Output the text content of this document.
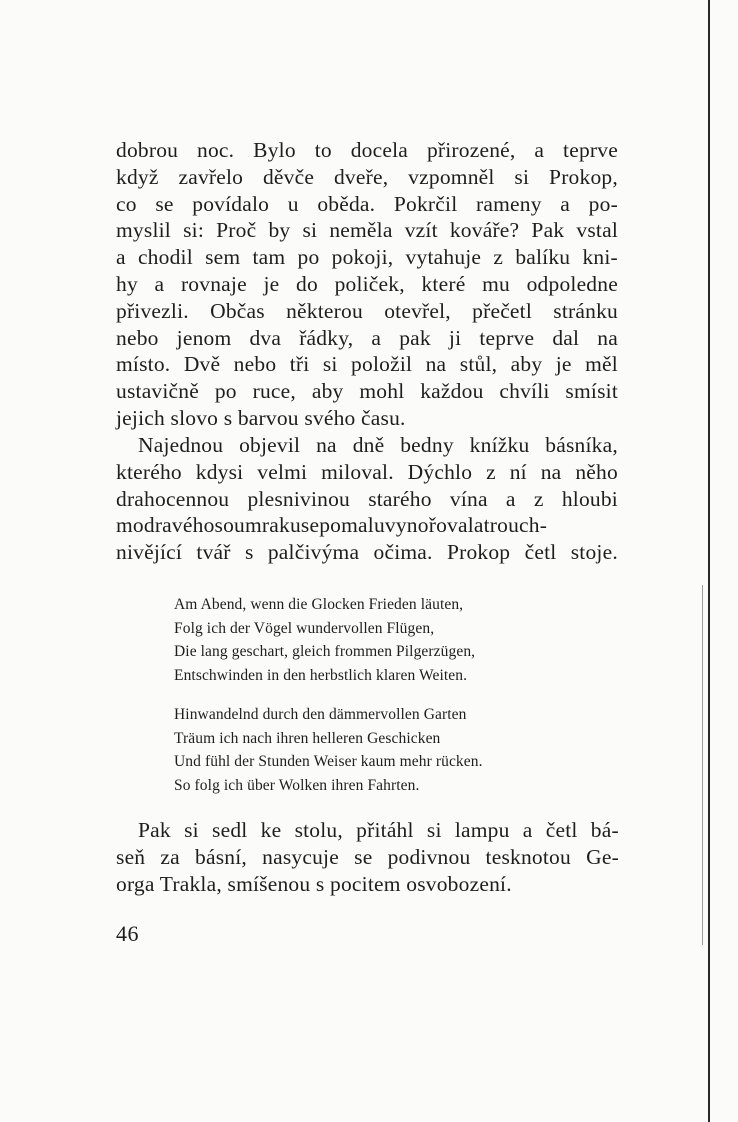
dobrou noc. Bylo to docela přirozené, a teprve
když zavřelo děvče dveře, vzpomněl si Prokop,
co se povídalo u oběda. Pokrčil rameny a po-
myslil si: Proč by si neměla vzít kováře? Pak vstal
a chodil sem tam po pokoji, vytahuje z balíku kni-
hy a rovnaje je do poliček, které mu odpoledne
přivezli. Občas některou otevřel, přečetl stránku
nebo jenom dva řádky, a pak ji teprve dal na
místo. Dvě nebo tři si položil na stůl, aby je měl
ustavičně po ruce, aby mohl každou chvíli smísit
jejich slovo s barvou svého času.
Najednou objevil na dně bedny knížku básníka,
kterého kdysi velmi miloval. Dýchlo z ní na něho
drahocennou plesnivinou starého vína a z hloubi
modravéhosoumrakusepomaluvynořovalatrouch-
nivějící tvář s palčivýma očima. Prokop četl stoje.
Am Abend, wenn die Glocken Frieden läuten,
Folg ich der Vögel wundervollen Flügen,
Die lang geschart, gleich frommen Pilgerzügen,
Entschwinden in den herbstlich klaren Weiten.
Hinwandelnd durch den dämmervollen Garten
Träum ich nach ihren helleren Geschicken
Und fühl der Stunden Weiser kaum mehr rücken.
So folg ich über Wolken ihren Fahrten.
Pak si sedl ke stolu, přitáhl si lampu a četl bá-
seň za básní, nasycuje se podivnou tesknotou Ge-
orga Trakla, smíšenou s pocitem osvobození.
46
